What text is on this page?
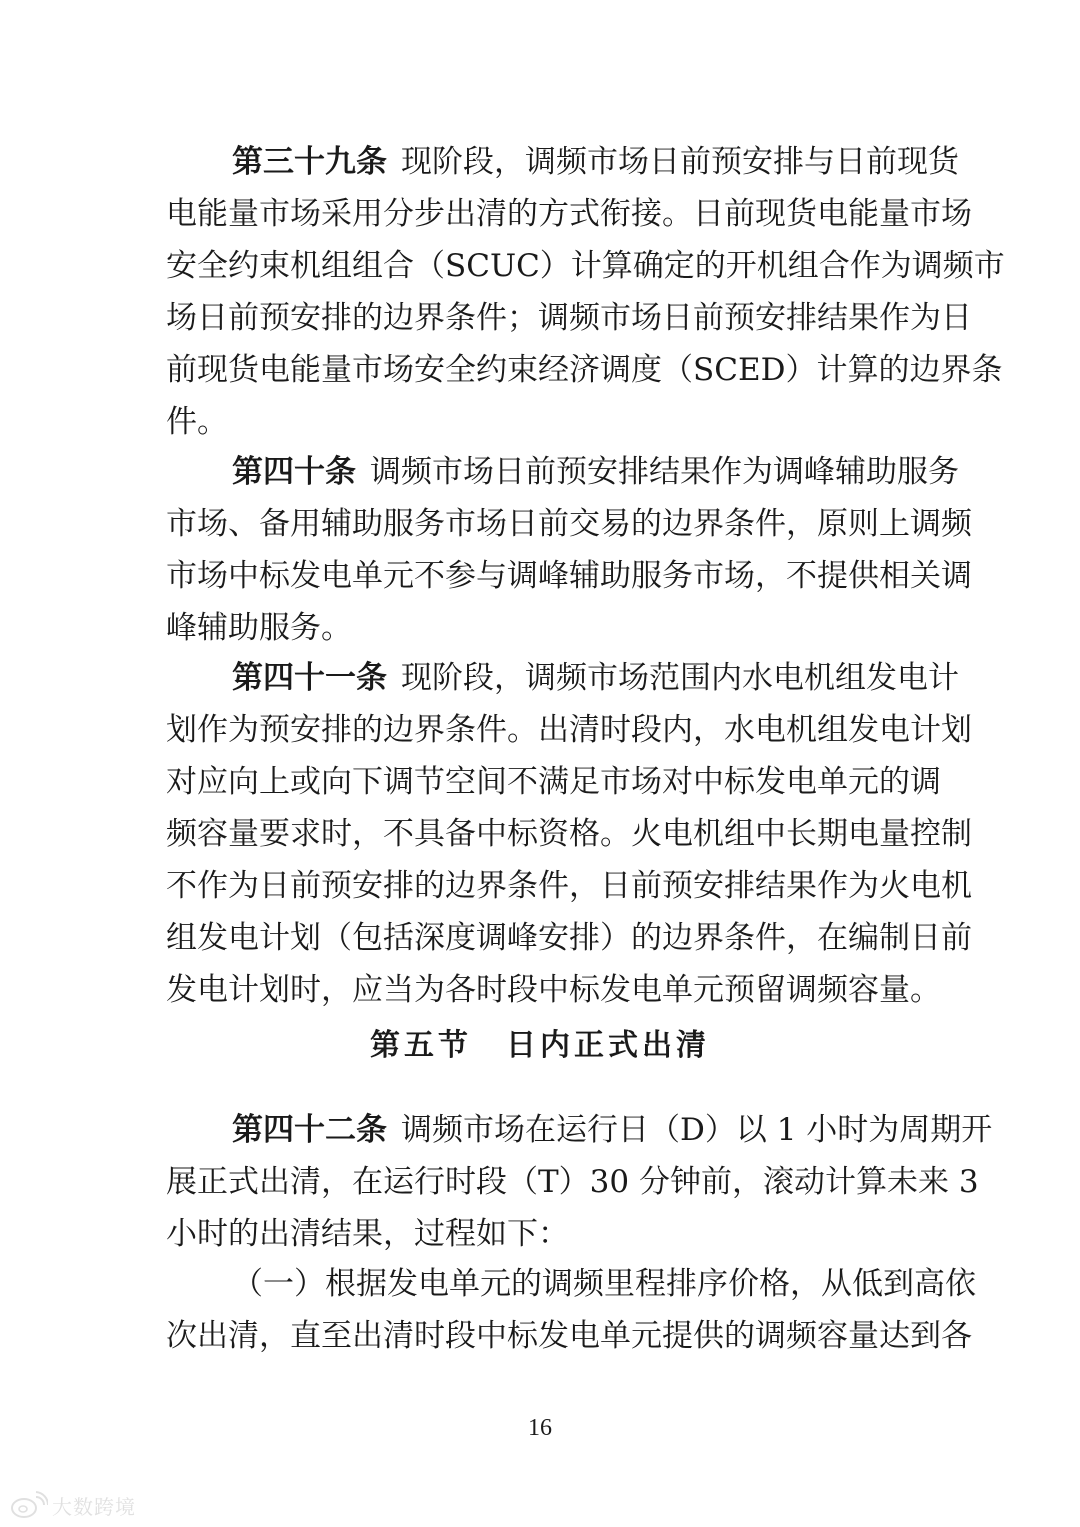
第三十九条 现阶段，调频市场日前预安排与日前现货
电能量市场采用分步出清的方式衔接。日前现货电能量市场
安全约束机组组合（SCUC）计算确定的开机组合作为调频市
场日前预安排的边界条件；调频市场日前预安排结果作为日
前现货电能量市场安全约束经济调度（SCED）计算的边界条
件。
第四十条 调频市场日前预安排结果作为调峰辅助服务
市场、备用辅助服务市场日前交易的边界条件，原则上调频
市场中标发电单元不参与调峰辅助服务市场，不提供相关调
峰辅助服务。
第四十一条 现阶段，调频市场范围内水电机组发电计
划作为预安排的边界条件。出清时段内，水电机组发电计划
对应向上或向下调节空间不满足市场对中标发电单元的调
频容量要求时，不具备中标资格。火电机组中长期电量控制
不作为日前预安排的边界条件，日前预安排结果作为火电机
组发电计划（包括深度调峰安排）的边界条件，在编制日前
发电计划时，应当为各时段中标发电单元预留调频容量。
第五节　日内正式出清
第四十二条 调频市场在运行日（D）以 1 小时为周期开
展正式出清，在运行时段（T）30 分钟前，滚动计算未来 3
小时的出清结果，过程如下：
（一）根据发电单元的调频里程排序价格，从低到高依
次出清，直至出清时段中标发电单元提供的调频容量达到各
16
大数跨境
